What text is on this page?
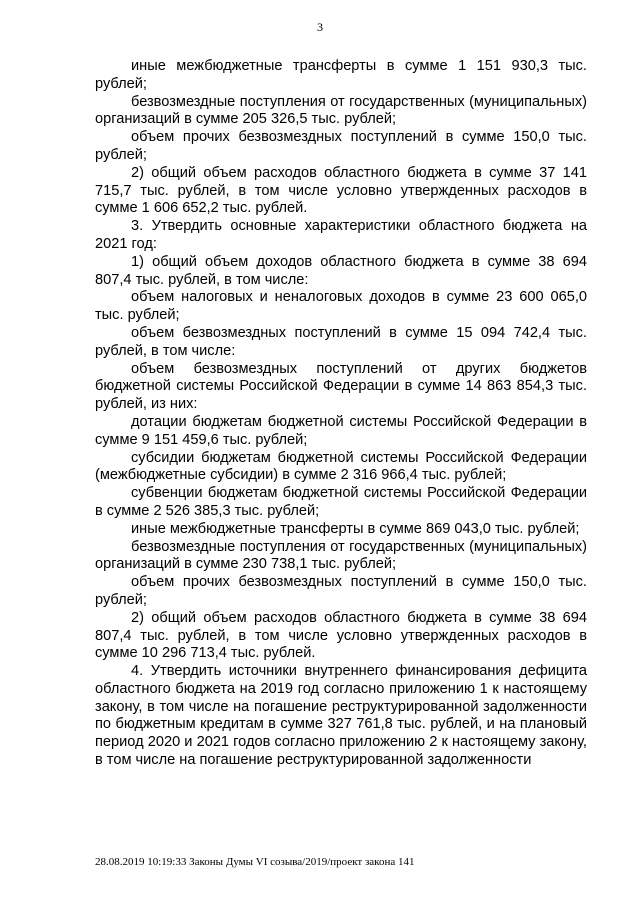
3

иные межбюджетные трансферты в сумме 1 151 930,3 тыс. рублей;

безвозмездные поступления от государственных (муниципальных) организаций в сумме 205 326,5 тыс. рублей;

объем прочих безвозмездных поступлений в сумме 150,0 тыс. рублей;

2) общий объем расходов областного бюджета в сумме 37 141 715,7 тыс. рублей, в том числе условно утвержденных расходов в сумме 1 606 652,2 тыс. рублей.

3. Утвердить основные характеристики областного бюджета на 2021 год:

1) общий объем доходов областного бюджета в сумме 38 694 807,4 тыс. рублей, в том числе:

объем налоговых и неналоговых доходов в сумме 23 600 065,0 тыс. рублей;

объем безвозмездных поступлений в сумме 15 094 742,4 тыс. рублей, в том числе:

объем безвозмездных поступлений от других бюджетов бюджетной системы Российской Федерации в сумме 14 863 854,3 тыс. рублей, из них:

дотации бюджетам бюджетной системы Российской Федерации в сумме 9 151 459,6 тыс. рублей;

субсидии бюджетам бюджетной системы Российской Федерации (межбюджетные субсидии) в сумме 2 316 966,4 тыс. рублей;

субвенции бюджетам бюджетной системы Российской Федерации в сумме 2 526 385,3 тыс. рублей;

иные межбюджетные трансферты в сумме 869 043,0 тыс. рублей;

безвозмездные поступления от государственных (муниципальных) организаций в сумме 230 738,1 тыс. рублей;

объем прочих безвозмездных поступлений в сумме 150,0 тыс. рублей;

2) общий объем расходов областного бюджета в сумме 38 694 807,4 тыс. рублей, в том числе условно утвержденных расходов в сумме 10 296 713,4 тыс. рублей.

4. Утвердить источники внутреннего финансирования дефицита областного бюджета на 2019 год согласно приложению 1 к настоящему закону, в том числе на погашение реструктурированной задолженности по бюджетным кредитам в сумме 327 761,8 тыс. рублей, и на плановый период 2020 и 2021 годов согласно приложению 2 к настоящему закону, в том числе на погашение реструктурированной задолженности

28.08.2019 10:19:33 Законы Думы VI созыва/2019/проект закона 141
